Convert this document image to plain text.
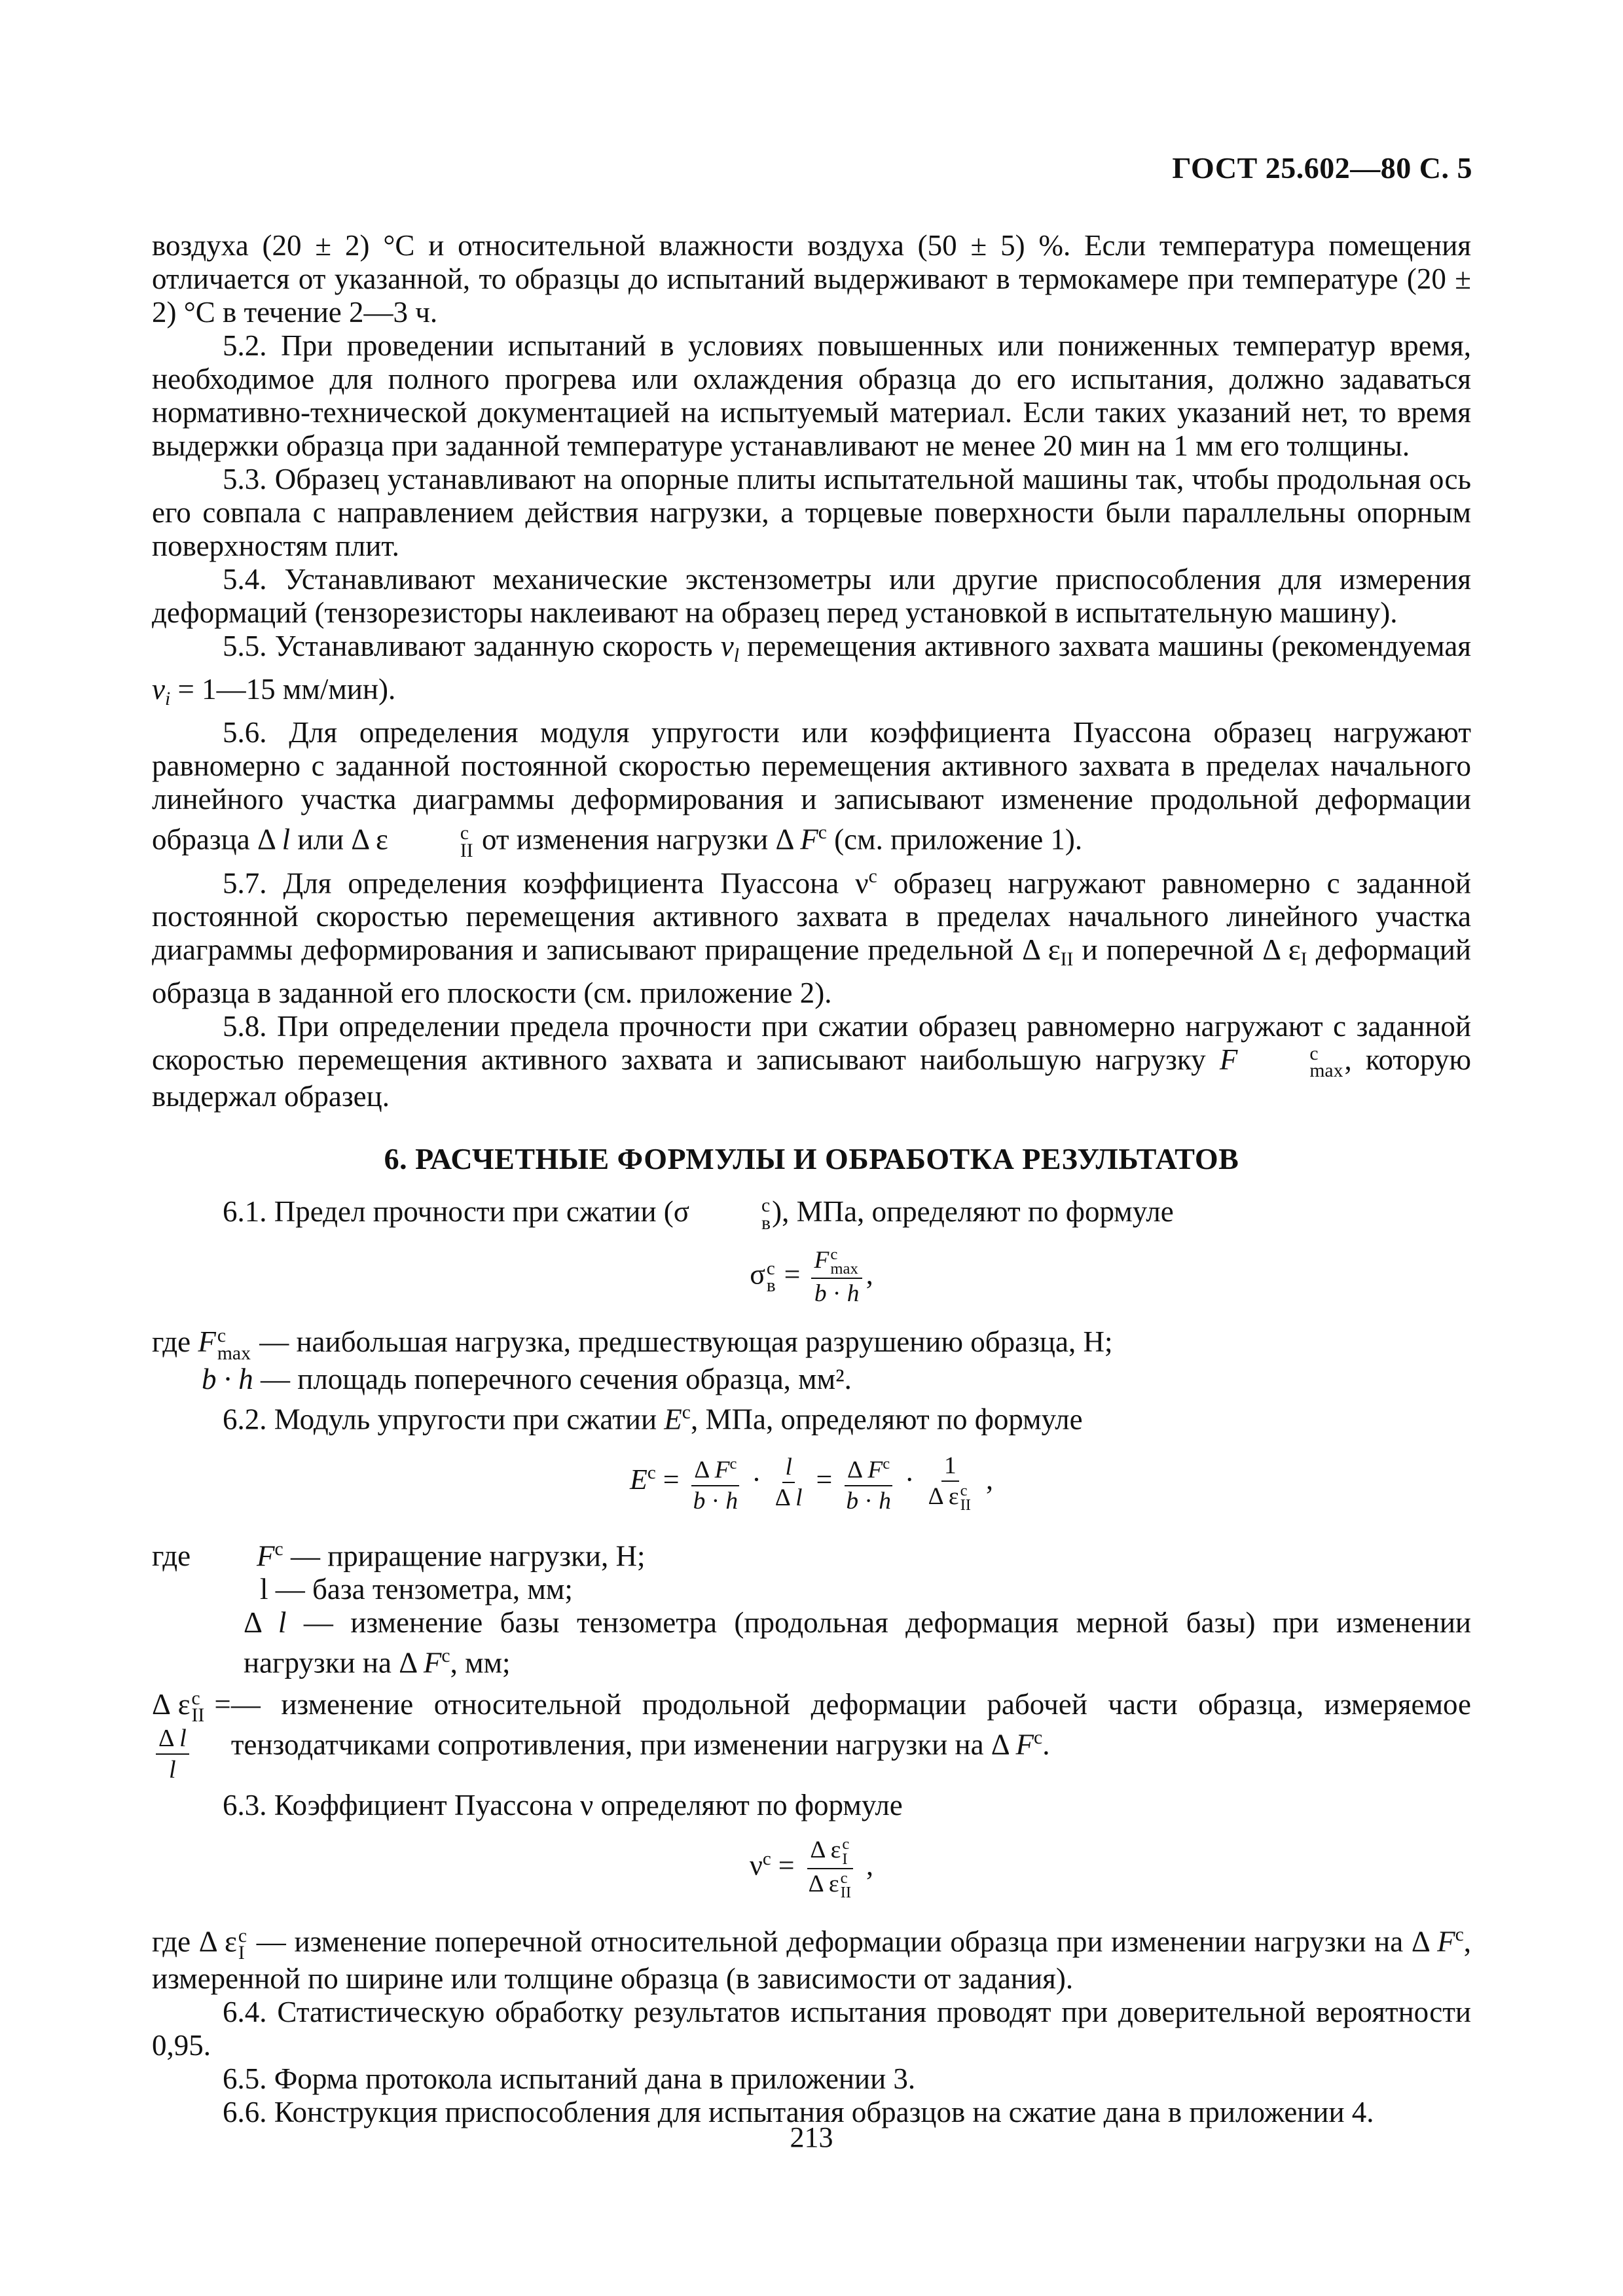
ГОСТ 25.602—80 С. 5

воздуха (20 ± 2) °С и относительной влажности воздуха (50 ± 5) %. Если температура помещения отличается от указанной, то образцы до испытаний выдерживают в термокамере при температуре (20 ± 2) °С в течение 2—3 ч.

5.2. При проведении испытаний в условиях повышенных или пониженных температур время, необходимое для полного прогрева или охлаждения образца до его испытания, должно задаваться нормативно-технической документацией на испытуемый материал. Если таких указаний нет, то время выдержки образца при заданной температуре устанавливают не менее 20 мин на 1 мм его толщины.

5.3. Образец устанавливают на опорные плиты испытательной машины так, чтобы продольная ось его совпала с направлением действия нагрузки, а торцевые поверхности были параллельны опорным поверхностям плит.

5.4. Устанавливают механические экстензометры или другие приспособления для измерения деформаций (тензорезисторы наклеивают на образец перед установкой в испытательную машину).

5.5. Устанавливают заданную скорость $v_l$ перемещения активного захвата машины (рекомендуемая $v_i$ = 1—15 мм/мин).

5.6. Для определения модуля упругости или коэффициента Пуассона образец нагружают равномерно с заданной постоянной скоростью перемещения активного захвата в пределах начального линейного участка диаграммы деформирования и записывают изменение продольной деформации образца Δ l или Δ ε	c
II от изменения нагрузки Δ $F^c$ (см. приложение 1).

5.7. Для определения коэффициента Пуассона $\nu^c$ образец нагружают равномерно с заданной постоянной скоростью перемещения активного захвата в пределах начального линейного участка диаграммы деформирования и записывают приращение предельной Δ $\varepsilon_{II}$ и поперечной Δ $\varepsilon_I$ деформаций образца в заданной его плоскости (см. приложение 2).

5.8. При определении предела прочности при сжатии образец равномерно нагружают с заданной скоростью перемещения активного захвата и записывают наибольшую нагрузку F	c
max , которую выдержал образец.

6. РАСЧЕТНЫЕ ФОРМУЛЫ И ОБРАБОТКА РЕЗУЛЬТАТОВ

6.1. Предел прочности при сжатии (σ	c
в ), МПа, определяют по формуле

σ c
в = F c
max
b · h ,

где F c
max — наибольшая нагрузка, предшествующая разрушению образца, Н;

b · h — площадь поперечного сечения образца, мм².

6.2. Модуль упругости при сжатии $E^c$, МПа, определяют по формуле

$E^c = \frac{\Delta F^c}{b \cdot h} \cdot \frac{l}{\text{Δ l}} = \frac{\Delta F^c}{b \cdot h} \cdot 1$
Δ ε c
II ,
где	$F^c$ — приращение нагрузки, Н;
l — база тензометра, мм;
Δ l — изменение базы тензометра (продольная деформация мерной базы) при изменении нагрузки на Δ $F^c$, мм;
Δ ε c
II =
$\frac{\text{Δ l}}{l}$
— изменение относительной продольной деформации рабочей части образца, измеряемое тензодатчиками сопротивления, при изменении нагрузки на Δ $F^c$.

6.3. Коэффициент Пуассона ν определяют по формуле

$\nu^c = \Delta$ ε c
I
Δ ε c
II ,

где Δ ε c
I — изменение поперечной относительной деформации образца при изменении нагрузки на Δ $F^c$, измеренной по ширине или толщине образца (в зависимости от задания).

6.4. Статистическую обработку результатов испытания проводят при доверительной вероятности 0,95.

6.5. Форма протокола испытаний дана в приложении 3.

6.6. Конструкция приспособления для испытания образцов на сжатие дана в приложении 4.

213
